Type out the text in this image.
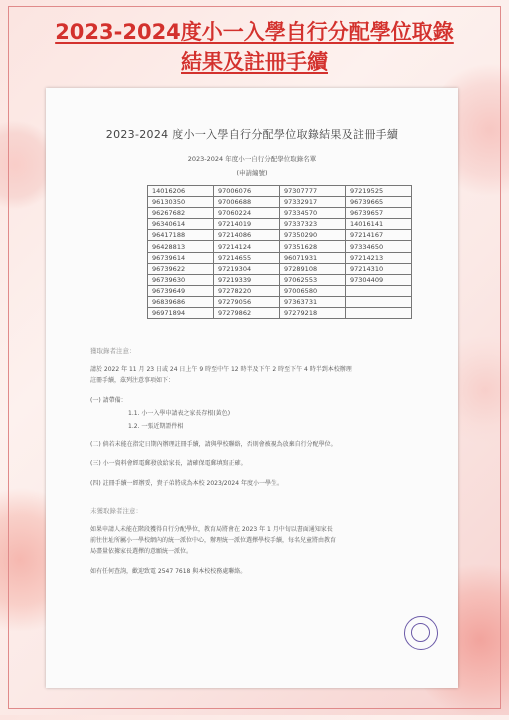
2023-2024度小一入學自行分配學位取錄
結果及註冊手續
2023-2024 度小一入學自行分配學位取錄結果及註冊手續
2023-2024 年度小一自行分配學位取錄名單
(申請編號)
14016206	97006076	97307777	97219525
96130350	97006688	97332917	96739665
96267682	97060224	97334570	96739657
96340614	97214019	97337323	14016141
96417188	97214086	97350290	97214167
96428813	97214124	97351628	97334650
96739614	97214655	96071931	97214213
96739622	97219304	97289108	97214310
96739630	97219339	97062553	97304409
96739649	97278220	97006580	
96839686	97279056	97363731	
96971894	97279862	97279218	
獲取錄者注意：
請於 2022 年 11 月 23 日或 24 日上午 9 時至中午 12 時半及下午 2 時至下午 4 時半到本校辦理
註冊手續，茲列注意事項如下：
(一) 請帶備：
1.1. 小一入學申請表之家長存根(黃色)
1.2. 一張近期證件相
(二) 倘若未能在指定日期內辦理註冊手續，請與學校聯絡，否則會被視為放棄自行分配學位。
(三) 小一資料會經電郵發放給家長，請確保電郵填寫正確。
(四) 註冊手續一經辦妥，貴子弟將成為本校 2023/2024 年度小一學生。
未獲取錄者注意：
如果申請人未能在階段獲得自行分配學位，教育局將會在 2023 年 1 月中旬以書面通知家長
前往住址所屬小一學校網內的統一派位中心，辦理統一派位選擇學校手續，每名兒童將由教育
局盡量依據家長選擇的意願統一派位。
如有任何查詢，歡迎致電 2547 7618 與本校校務處聯絡。
